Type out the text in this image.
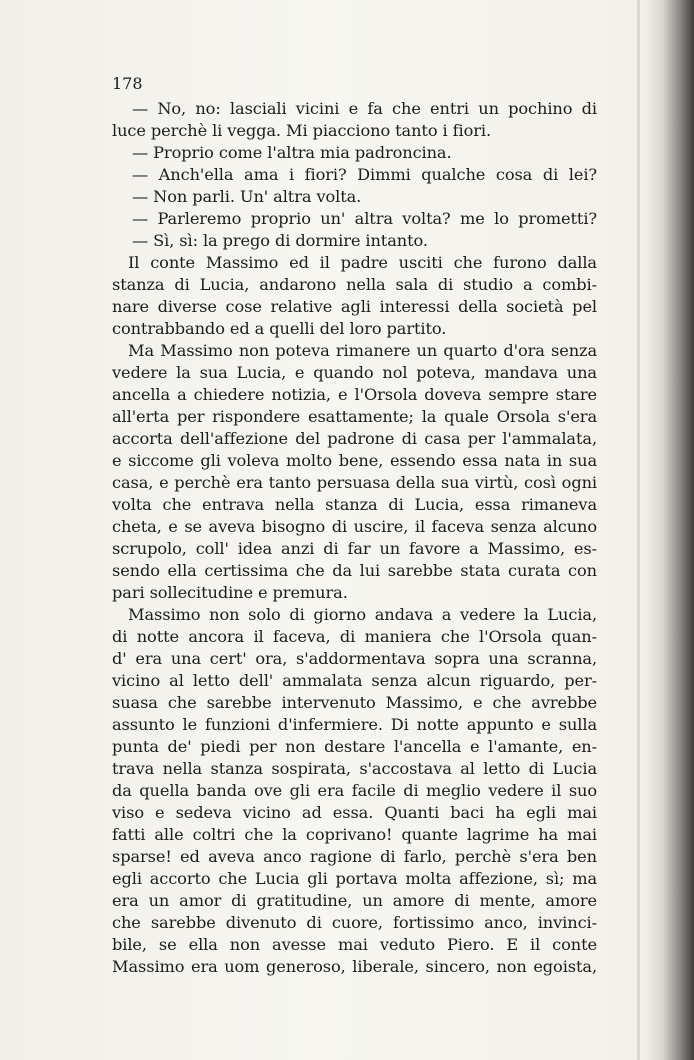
178
— No, no: lasciali vicini e fa che entri un pochino di
luce perchè li vegga. Mi piacciono tanto i fiori.
— Proprio come l'altra mia padroncina.
— Anch'ella ama i fiori? Dimmi qualche cosa di lei?
— Non parli. Un' altra volta.
— Parleremo proprio un' altra volta? me lo prometti?
— Sì, sì: la prego di dormire intanto.
Il conte Massimo ed il padre usciti che furono dalla
stanza di Lucia, andarono nella sala di studio a combi-
nare diverse cose relative agli interessi della società pel
contrabbando ed a quelli del loro partito.
Ma Massimo non poteva rimanere un quarto d'ora senza
vedere la sua Lucia, e quando nol poteva, mandava una
ancella a chiedere notizia, e l'Orsola doveva sempre stare
all'erta per rispondere esattamente; la quale Orsola s'era
accorta dell'affezione del padrone di casa per l'ammalata,
e siccome gli voleva molto bene, essendo essa nata in sua
casa, e perchè era tanto persuasa della sua virtù, così ogni
volta che entrava nella stanza di Lucia, essa rimaneva
cheta, e se aveva bisogno di uscire, il faceva senza alcuno
scrupolo, coll' idea anzi di far un favore a Massimo, es-
sendo ella certissima che da lui sarebbe stata curata con
pari sollecitudine e premura.
Massimo non solo di giorno andava a vedere la Lucia,
di notte ancora il faceva, di maniera che l'Orsola quan-
d' era una cert' ora, s'addormentava sopra una scranna,
vicino al letto dell' ammalata senza alcun riguardo, per-
suasa che sarebbe intervenuto Massimo, e che avrebbe
assunto le funzioni d'infermiere. Di notte appunto e sulla
punta de' piedi per non destare l'ancella e l'amante, en-
trava nella stanza sospirata, s'accostava al letto di Lucia
da quella banda ove gli era facile di meglio vedere il suo
viso e sedeva vicino ad essa. Quanti baci ha egli mai
fatti alle coltri che la coprivano! quante lagrime ha mai
sparse! ed aveva anco ragione di farlo, perchè s'era ben
egli accorto che Lucia gli portava molta affezione, sì; ma
era un amor di gratitudine, un amore di mente, amore
che sarebbe divenuto di cuore, fortissimo anco, invinci-
bile, se ella non avesse mai veduto Piero. E il conte
Massimo era uom generoso, liberale, sincero, non egoista,
